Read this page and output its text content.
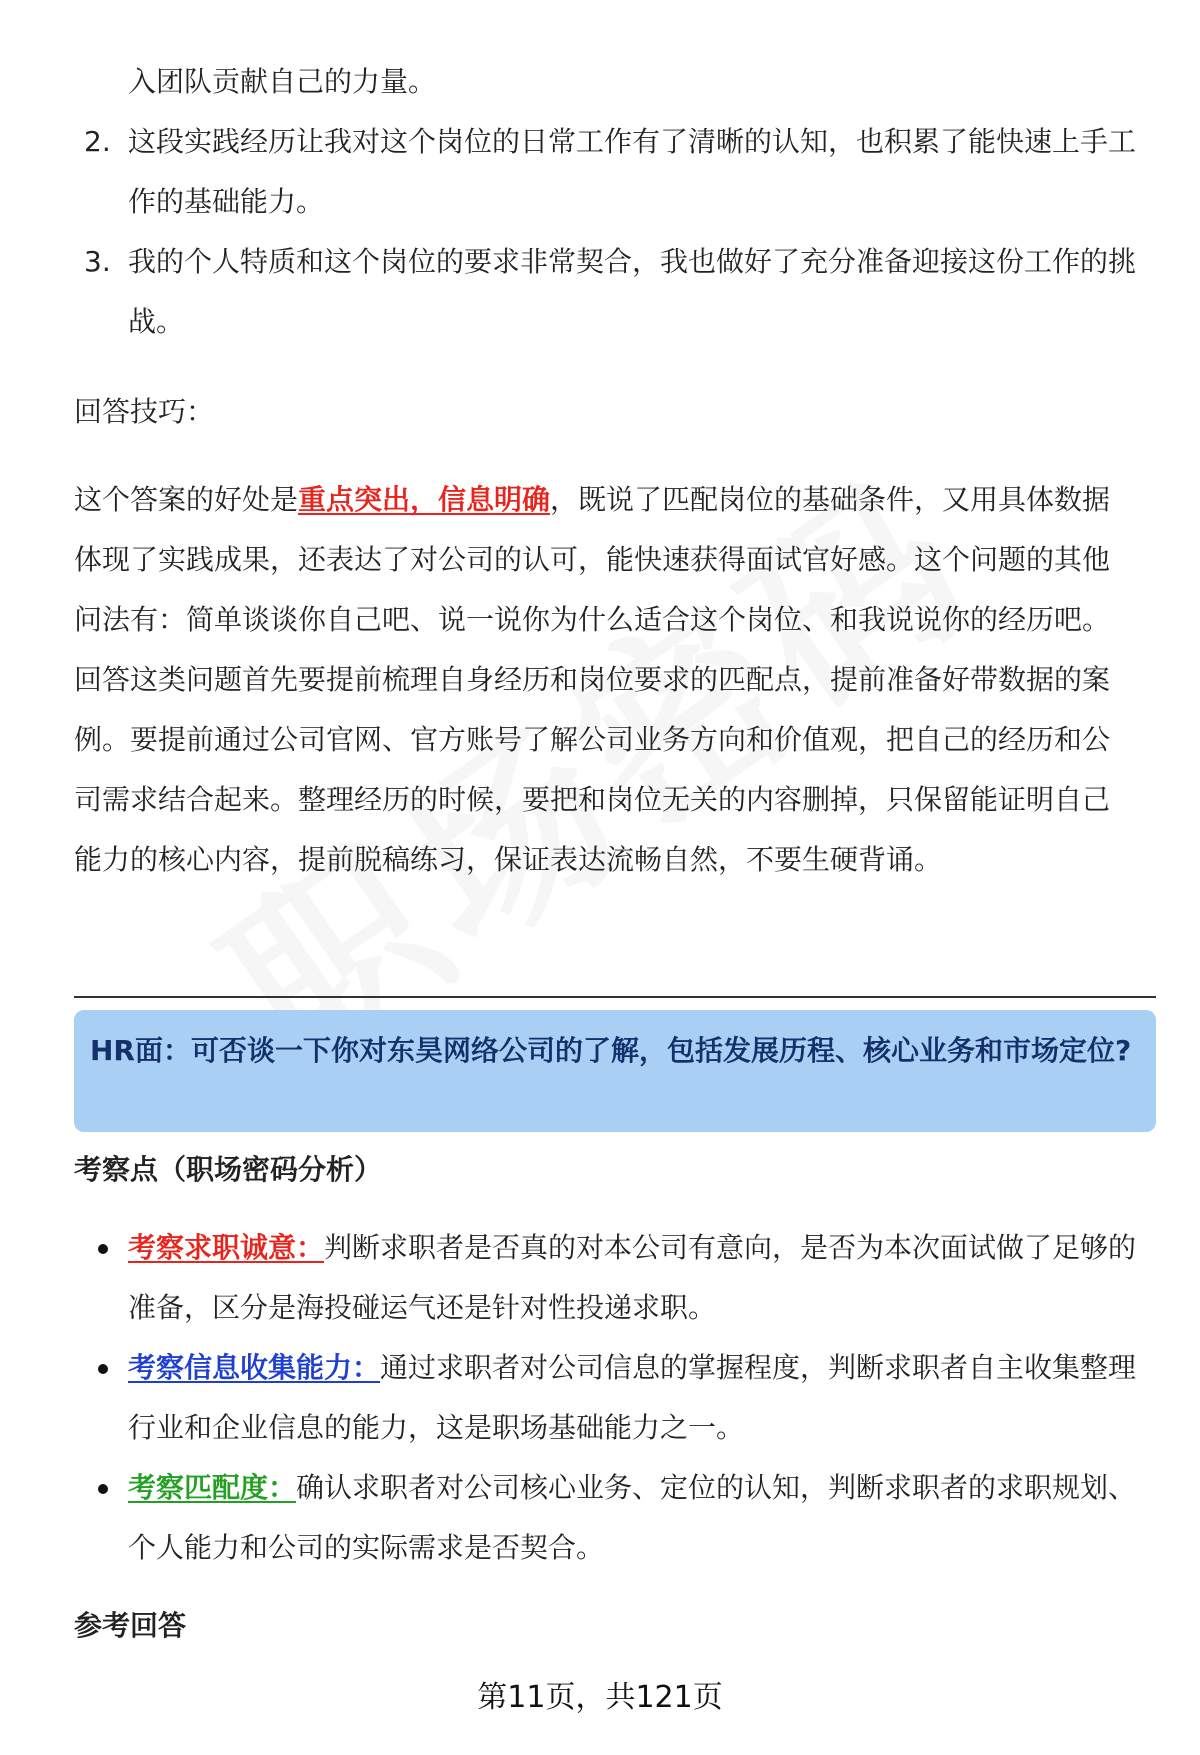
入团队贡献自己的力量。
2. 这段实践经历让我对这个岗位的日常工作有了清晰的认知，也积累了能快速上手工作的基础能力。
3. 我的个人特质和这个岗位的要求非常契合，我也做好了充分准备迎接这份工作的挑战。
回答技巧：
这个答案的好处是重点突出，信息明确，既说了匹配岗位的基础条件，又用具体数据体现了实践成果，还表达了对公司的认可，能快速获得面试官好感。这个问题的其他问法有：简单谈谈你自己吧、说一说你为什么适合这个岗位、和我说说你的经历吧。回答这类问题首先要提前梳理自身经历和岗位要求的匹配点，提前准备好带数据的案例。要提前通过公司官网、官方账号了解公司业务方向和价值观，把自己的经历和公司需求结合起来。整理经历的时候，要把和岗位无关的内容删掉，只保留能证明自己能力的核心内容，提前脱稿练习，保证表达流畅自然，不要生硬背诵。
HR面：可否谈一下你对东昊网络公司的了解，包括发展历程、核心业务和市场定位?
考察点（职场密码分析）
考察求职诚意：判断求职者是否真的对本公司有意向，是否为本次面试做了足够的准备，区分是海投碰运气还是针对性投递求职。
考察信息收集能力：通过求职者对公司信息的掌握程度，判断求职者自主收集整理行业和企业信息的能力，这是职场基础能力之一。
考察匹配度：确认求职者对公司核心业务、定位的认知，判断求职者的求职规划、个人能力和公司的实际需求是否契合。
参考回答
第11页，共121页
